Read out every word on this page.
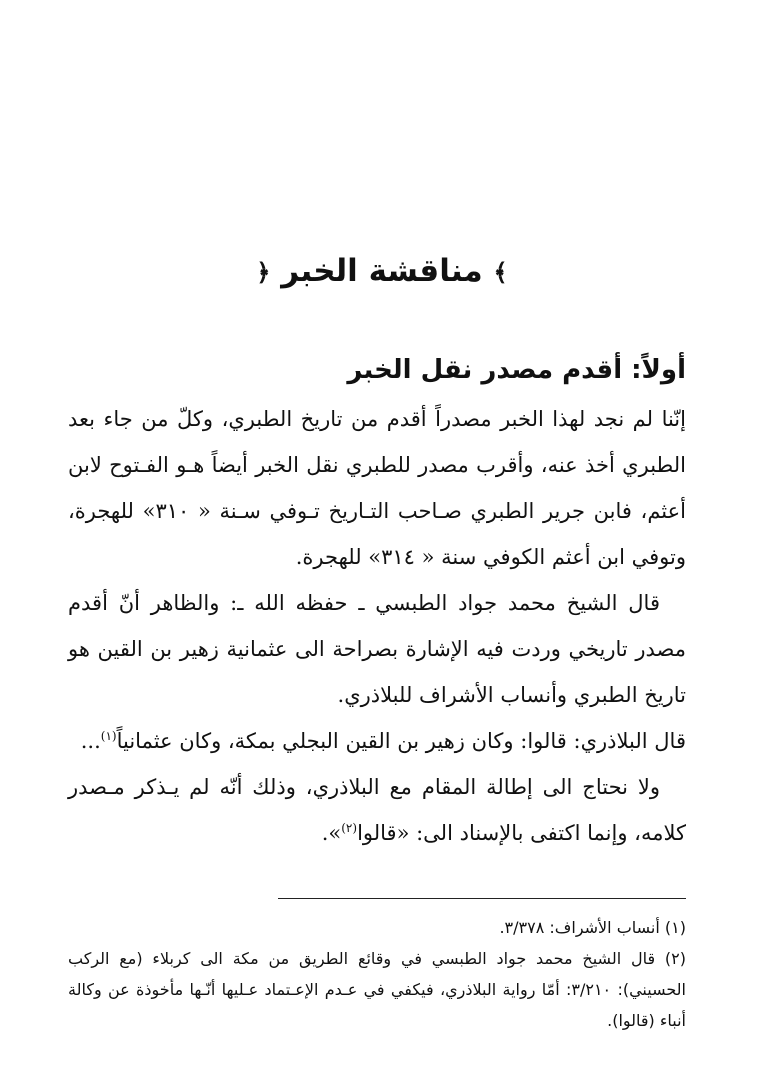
﴾ مناقشة الخبر ﴿
أولاً: أقدم مصدر نقل الخبر

إنّنا لم نجد لهذا الخبر مصدراً أقدم من تاريخ الطبري، وكلّ من جاء بعد الطبري أخذ عنه، وأقرب مصدر للطبري نقل الخبر أيضاً هـو الفـتوح لابن أعثم، فابن جرير الطبري صـاحب التـاريخ تـوفي سـنة « ٣١٠» للهجرة، وتوفي ابن أعثم الكوفي سنة « ٣١٤» للهجرة.

قال الشيخ محمد جواد الطبسي ـ حفظه الله ـ: والظاهر أنّ أقدم مصدر تاريخي وردت فيه الإشارة بصراحة الى عثمانية زهير بن القين هو تاريخ الطبري وأنساب الأشراف للبلاذري.

قال البلاذري: قالوا: وكان زهير بن القين البجلي بمكة، وكان عثمانياً$^{(١)}$...

ولا نحتاج الى إطالة المقام مع البلاذري، وذلك أنّه لم يـذكر مـصدر كلامه، وإنما اكتفى بالإسناد الى: «قالوا$^{(٢)}$».

(١) أنساب الأشراف: ٣/٣٧٨.

(٢) قال الشيخ محمد جواد الطبسي في وقائع الطريق من مكة الى كربلاء (مع الركب الحسيني): ٣/٢١٠: أمّا رواية البلاذري، فيكفي في عـدم الإعـتماد عـليها أنّـها مأخوذة عن وكالة أنباء (قالوا).
